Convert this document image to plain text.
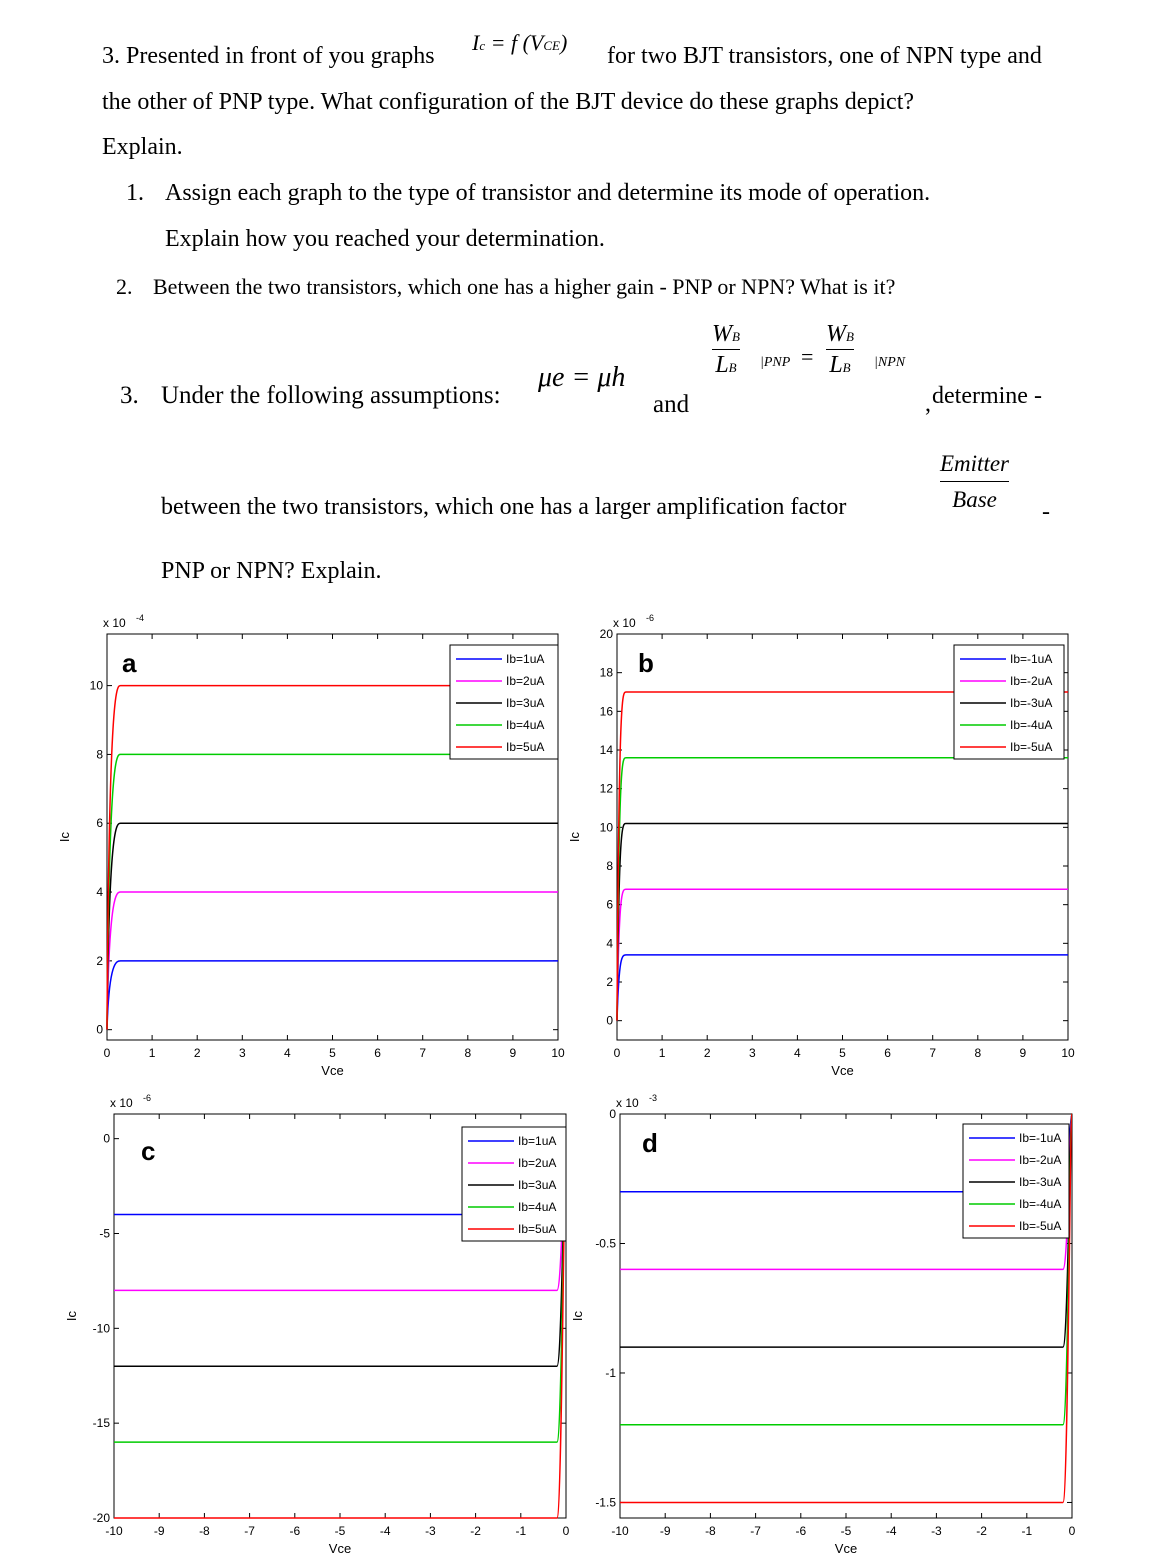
3. Presented in front of you graphs
Ic = f (VCE)
for two BJT transistors, one of NPN type and
the other of PNP type. What configuration of the BJT device do these graphs depict?
Explain.
1. Assign each graph to the type of transistor and determine its mode of operation.
Explain how you reached your determination.
2. Between the two transistors, which one has a higher gain - PNP or NPN? What is it?
3. Under the following assumptions:
μe = μh
and
WB
LB |PNP =
WB
LB |NPN
, determine -
between the two transistors, which one has a larger amplification factor
Emitter
Base -
PNP or NPN? Explain.
0	1	2	3	4	5	6	7	8	9	10
0
2
4
6
8
10
x 10 -4
Vce
Ic
a	Ib=1uA
Ib=2uA
Ib=3uA
Ib=4uA
Ib=5uA
0	1	2	3	4	5	6	7	8	9	10
0
2
4
6
8
10
12
14
16
18
20
x 10 -6
Vce
Ic
b	Ib=-1uA
Ib=-2uA
Ib=-3uA
Ib=-4uA
Ib=-5uA
-10	-9	-8	-7	-6	-5	-4	-3	-2	-1	0
0
-5
-10
-15
-20
x 10 -6
Vce
Ic
c	Ib=1uA
Ib=2uA
Ib=3uA
Ib=4uA
Ib=5uA
-10	-9	-8	-7	-6	-5	-4	-3	-2	-1	0
0
-0.5
-1
-1.5
x 10 -3
Vce
Ic
d	Ib=-1uA
Ib=-2uA
Ib=-3uA
Ib=-4uA
Ib=-5uA
